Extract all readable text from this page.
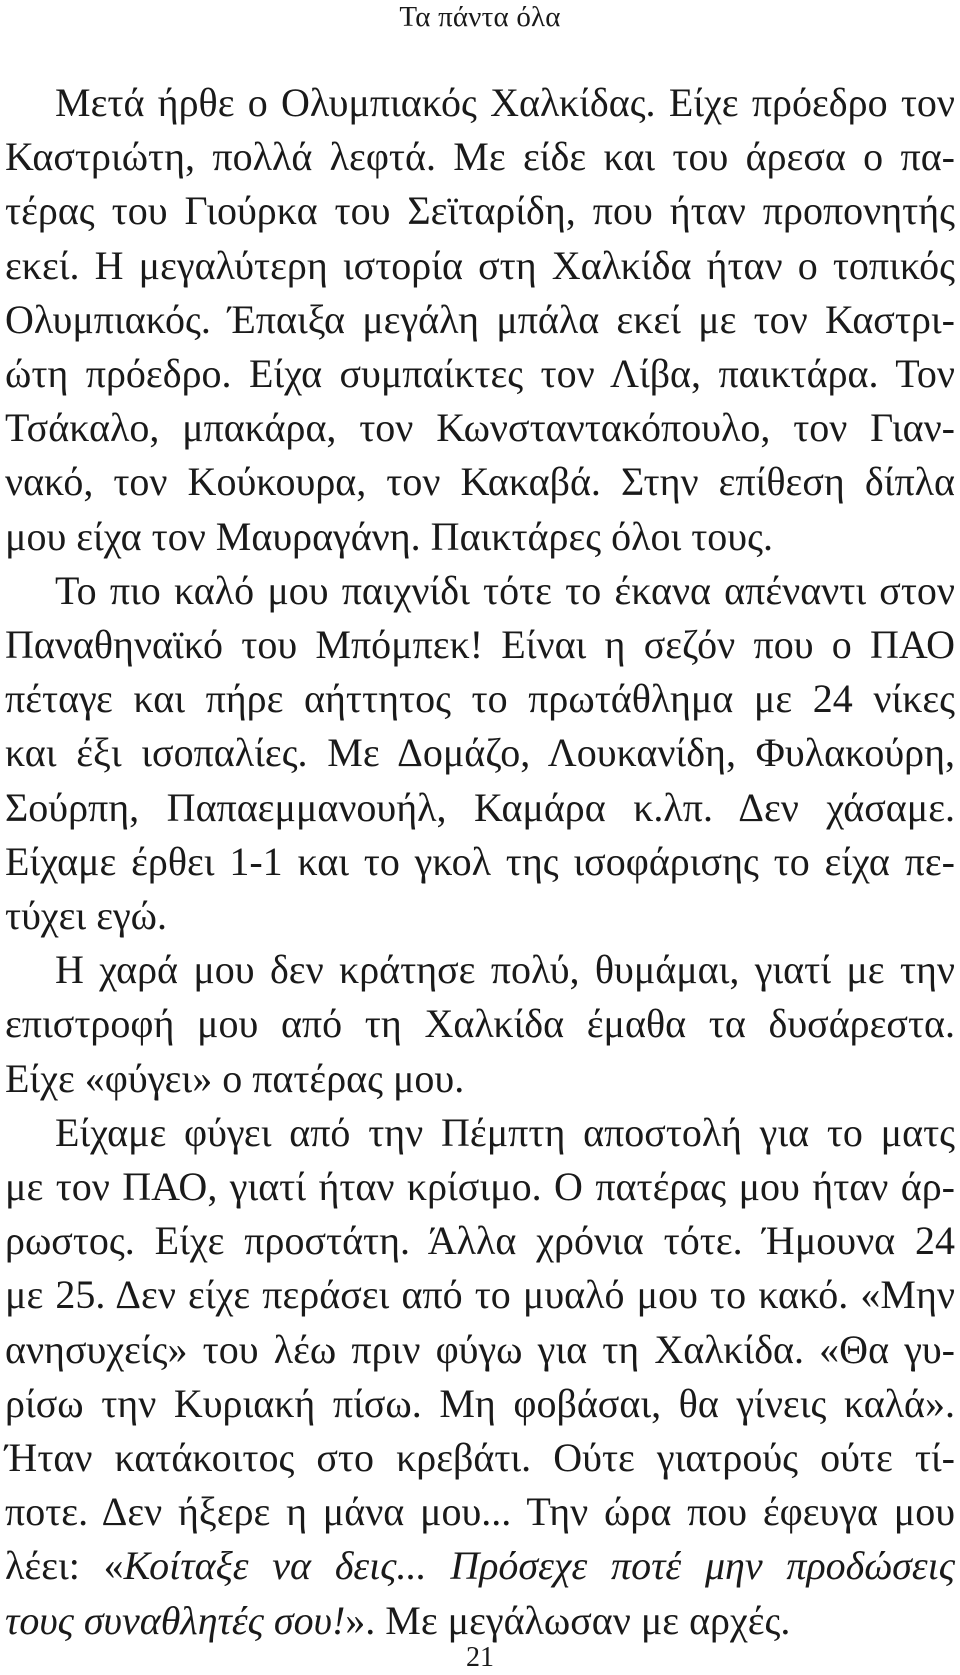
Τα πάντα όλα

Μετά ήρθε ο Ολυμπιακός Χαλκίδας. Είχε πρόεδρο τον
Καστριώτη, πολλά λεφτά. Με είδε και του άρεσα ο πα-
τέρας του Γιούρκα του Σεϊταρίδη, που ήταν προπονητής
εκεί. Η μεγαλύτερη ιστορία στη Χαλκίδα ήταν ο τοπικός
Ολυμπιακός. Έπαιξα μεγάλη μπάλα εκεί με τον Καστρι-
ώτη πρόεδρο. Είχα συμπαίκτες τον Λίβα, παικτάρα. Τον
Τσάκαλο, μπακάρα, τον Κωνσταντακόπουλο, τον Γιαν-
νακό, τον Κούκουρα, τον Κακαβά. Στην επίθεση δίπλα
μου είχα τον Μαυραγάνη. Παικτάρες όλοι τους.

Το πιο καλό μου παιχνίδι τότε το έκανα απέναντι στον
Παναθηναϊκό του Μπόμπεκ! Είναι η σεζόν που ο ΠΑΟ
πέταγε και πήρε αήττητος το πρωτάθλημα με 24 νίκες
και έξι ισοπαλίες. Με Δομάζο, Λουκανίδη, Φυλακούρη,
Σούρπη, Παπαεμμανουήλ, Καμάρα κ.λπ. Δεν χάσαμε.
Είχαμε έρθει 1-1 και το γκολ της ισοφάρισης το είχα πε-
τύχει εγώ.

Η χαρά μου δεν κράτησε πολύ, θυμάμαι, γιατί με την
επιστροφή μου από τη Χαλκίδα έμαθα τα δυσάρεστα.
Είχε «φύγει» ο πατέρας μου.

Είχαμε φύγει από την Πέμπτη αποστολή για το ματς
με τον ΠΑΟ, γιατί ήταν κρίσιμο. Ο πατέρας μου ήταν άρ-
ρωστος. Είχε προστάτη. Άλλα χρόνια τότε. Ήμουνα 24
με 25. Δεν είχε περάσει από το μυαλό μου το κακό. «Μην
ανησυχείς» του λέω πριν φύγω για τη Χαλκίδα. «Θα γυ-
ρίσω την Κυριακή πίσω. Μη φοβάσαι, θα γίνεις καλά».
Ήταν κατάκοιτος στο κρεβάτι. Ούτε γιατρούς ούτε τί-
ποτε. Δεν ήξερε η μάνα μου... Την ώρα που έφευγα μου
λέει: «Κοίταξε να δεις... Πρόσεχε ποτέ μην προδώσεις
τους συναθλητές σου!». Με μεγάλωσαν με αρχές.

21
